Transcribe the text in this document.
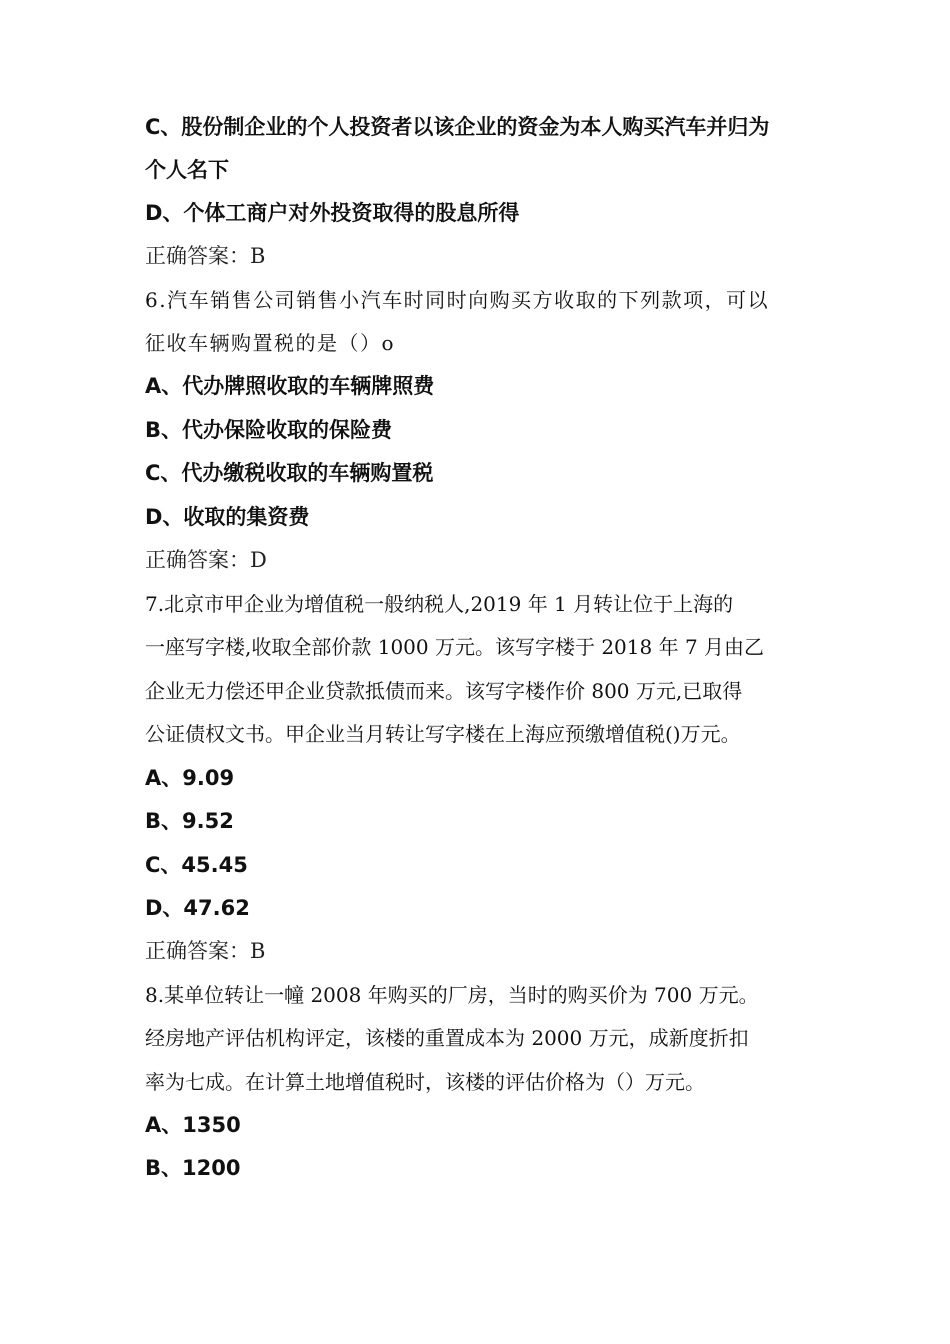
C、股份制企业的个人投资者以该企业的资金为本人购买汽车并归为
个人名下
D、个体工商户对外投资取得的股息所得
正确答案：B
6.汽车销售公司销售小汽车时同时向购买方收取的下列款项，可以
征收车辆购置税的是（）o
A、代办牌照收取的车辆牌照费
B、代办保险收取的保险费
C、代办缴税收取的车辆购置税
D、收取的集资费
正确答案：D
7.北京市甲企业为增值税一般纳税人,2019 年 1 月转让位于上海的
一座写字楼,收取全部价款 1000 万元。该写字楼于 2018 年 7 月由乙
企业无力偿还甲企业贷款抵债而来。该写字楼作价 800 万元,已取得
公证债权文书。甲企业当月转让写字楼在上海应预缴增值税()万元。
A、9.09
B、9.52
C、45.45
D、47.62
正确答案：B
8.某单位转让一幢 2008 年购买的厂房，当时的购买价为 700 万元。
经房地产评估机构评定，该楼的重置成本为 2000 万元，成新度折扣
率为七成。在计算土地增值税时，该楼的评估价格为（）万元。
A、1350
B、1200
